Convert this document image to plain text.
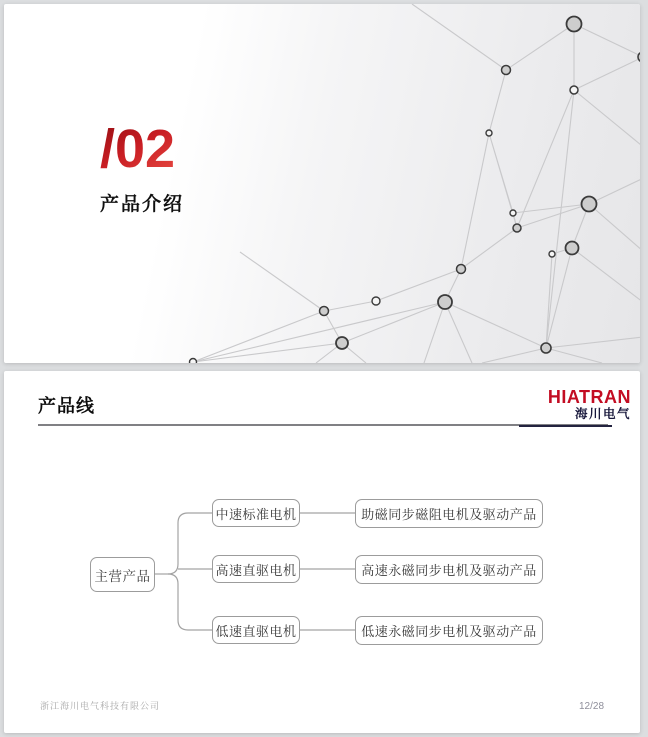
/02
产品介绍
产品线	HIATRAN
海川电气
主营产品
中速标准电机
高速直驱电机
低速直驱电机
助磁同步磁阻电机及驱动产品
高速永磁同步电机及驱动产品
低速永磁同步电机及驱动产品
浙江海川电气科技有限公司	12/28
